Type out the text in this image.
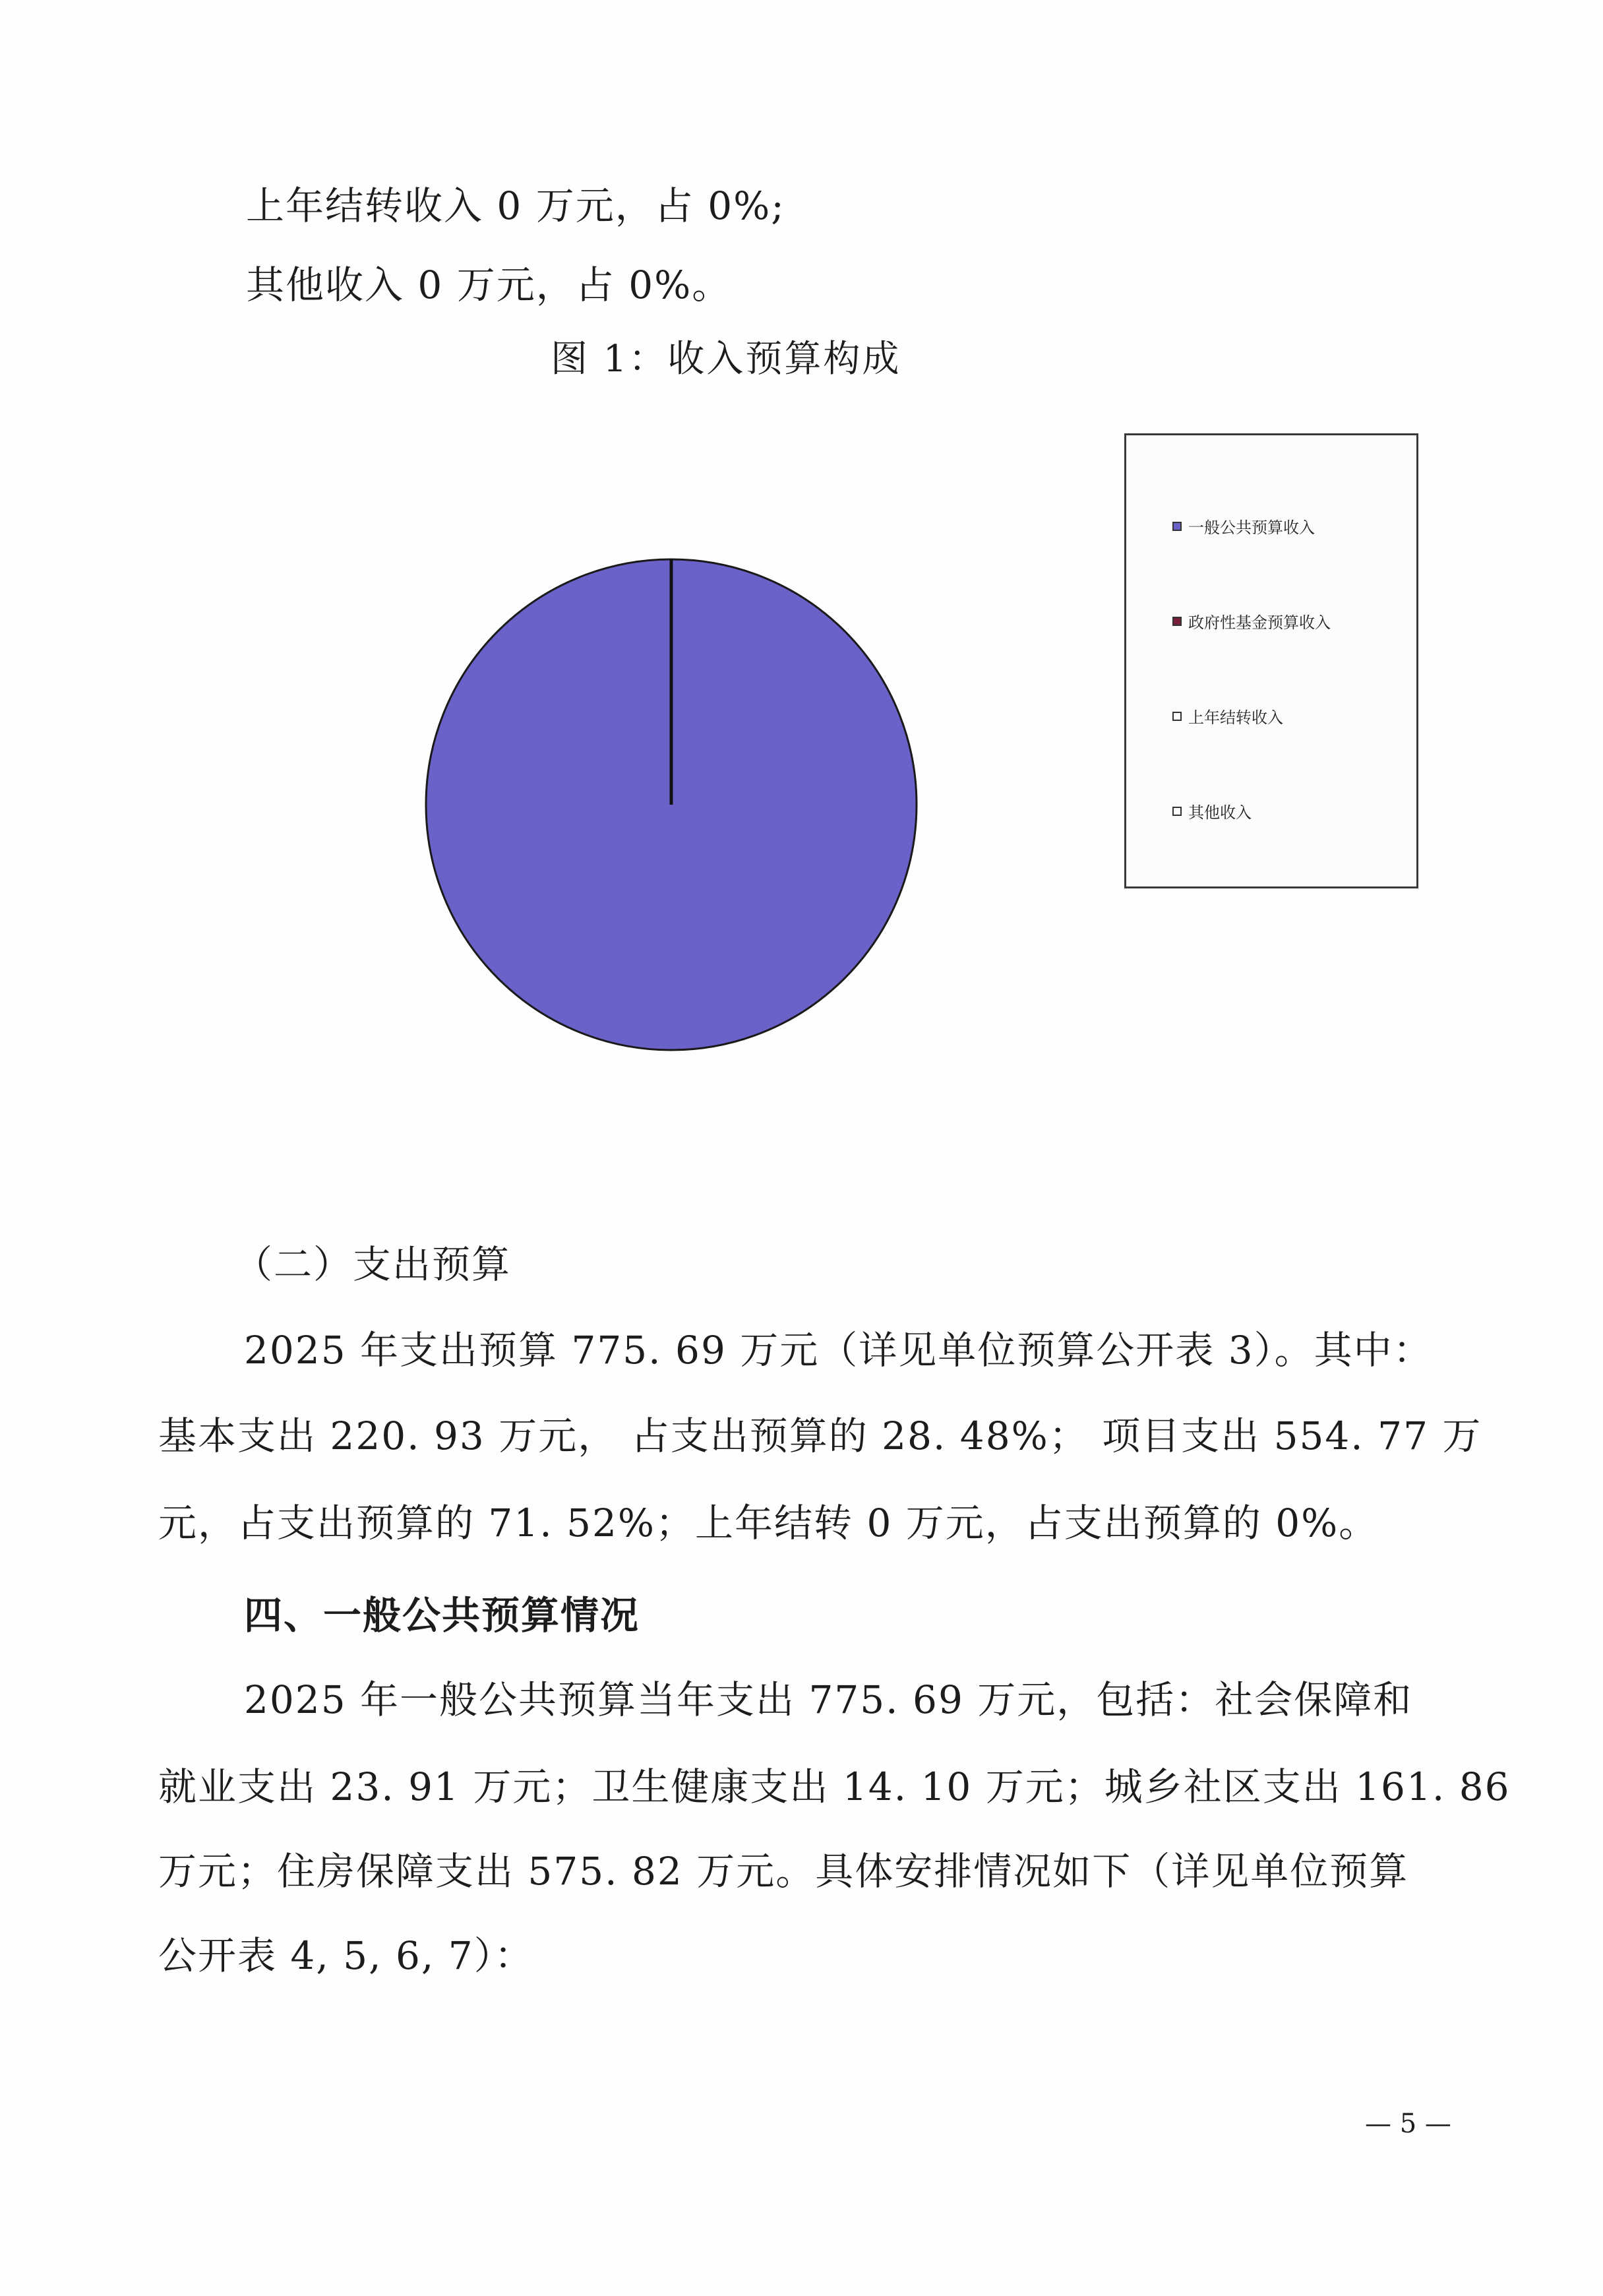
上年结转收入 0 万元，占 0%;
其他收入 0 万元，占 0%。
图 1：收入预算构成
一般公共预算收入
政府性基金预算收入
上年结转收入
其他收入
（二）支出预算
2025 年支出预算 775. 69 万元（详见单位预算公开表 3）。其中：
基本支出 220. 93 万元， 占支出预算的 28. 48%； 项目支出 554. 77 万
元，占支出预算的 71. 52%；上年结转 0 万元，占支出预算的 0%。
四、一般公共预算情况
2025 年一般公共预算当年支出 775. 69 万元，包括：社会保障和
就业支出 23. 91 万元；卫生健康支出 14. 10 万元；城乡社区支出 161. 86
万元；住房保障支出 575. 82 万元。具体安排情况如下（详见单位预算
公开表 4, 5, 6, 7）：
— 5 —
